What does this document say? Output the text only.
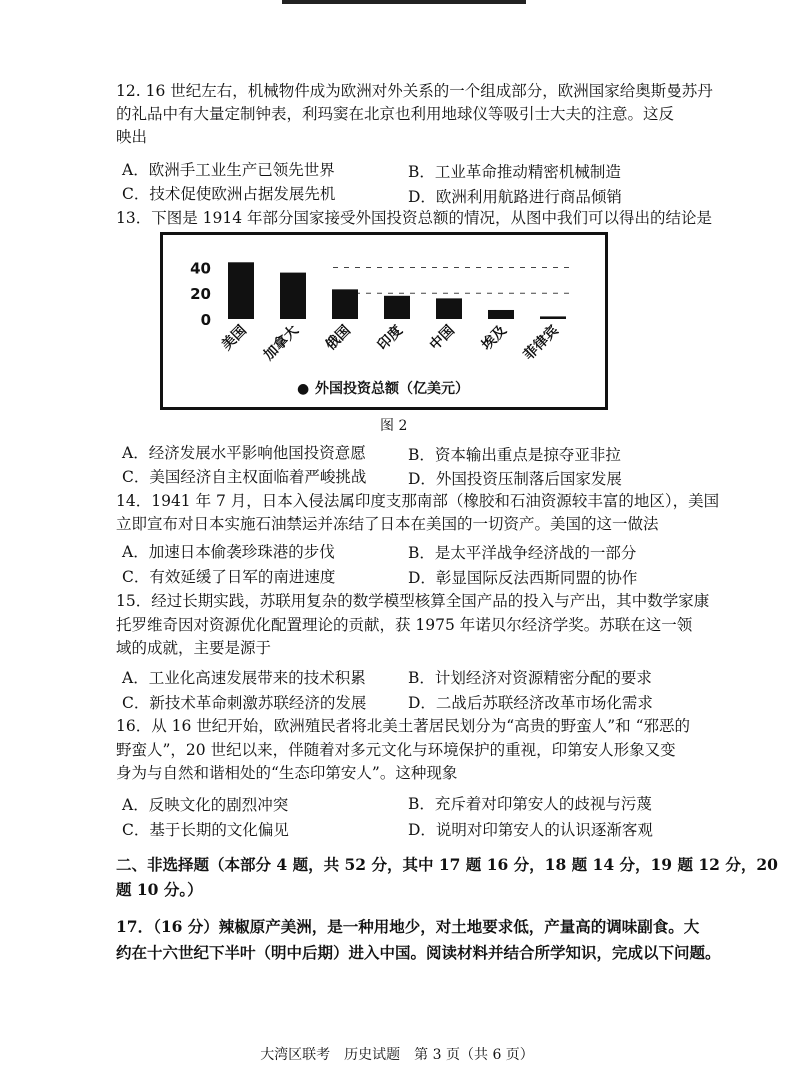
12. 16 世纪左右，机械物件成为欧洲对外关系的一个组成部分，欧洲国家给奥斯曼苏丹
的礼品中有大量定制钟表，利玛窦在北京也利用地球仪等吸引士大夫的注意。这反
映出
A．欧洲手工业生产已领先世界	B．工业革命推动精密机械制造
C．技术促使欧洲占据发展先机	D．欧洲利用航路进行商品倾销
13．下图是 1914 年部分国家接受外国投资总额的情况，从图中我们可以得出的结论是
40
20
0
美国 加拿大 俄国 印度 中国 埃及 菲律宾
● 外国投资总额（亿美元）
图 2
A．经济发展水平影响他国投资意愿	B．资本输出重点是掠夺亚非拉
C．美国经济自主权面临着严峻挑战	D．外国投资压制落后国家发展
14．1941 年 7 月，日本入侵法属印度支那南部（橡胶和石油资源较丰富的地区），美国
立即宣布对日本实施石油禁运并冻结了日本在美国的一切资产。美国的这一做法
A．加速日本偷袭珍珠港的步伐	B．是太平洋战争经济战的一部分
C．有效延缓了日军的南进速度	D．彰显国际反法西斯同盟的协作
15．经过长期实践，苏联用复杂的数学模型核算全国产品的投入与产出，其中数学家康
托罗维奇因对资源优化配置理论的贡献，获 1975 年诺贝尔经济学奖。苏联在这一领
域的成就，主要是源于
A．工业化高速发展带来的技术积累	B．计划经济对资源精密分配的要求
C．新技术革命刺激苏联经济的发展	D．二战后苏联经济改革市场化需求
16．从 16 世纪开始，欧洲殖民者将北美土著居民划分为“高贵的野蛮人”和 “邪恶的
野蛮人”，20 世纪以来，伴随着对多元文化与环境保护的重视，印第安人形象又变
身为与自然和谐相处的“生态印第安人”。这种现象
A．反映文化的剧烈冲突	B．充斥着对印第安人的歧视与污蔑
C．基于长期的文化偏见	D．说明对印第安人的认识逐渐客观
二、非选择题（本部分 4 题，共 52 分，其中 17 题 16 分，18 题 14 分，19 题 12 分，20
题 10 分。）
17．（16 分）辣椒原产美洲，是一种用地少，对土地要求低，产量高的调味副食。大
约在十六世纪下半叶（明中后期）进入中国。阅读材料并结合所学知识，完成以下问题。
大湾区联考　历史试题　第 3 页（共 6 页）
